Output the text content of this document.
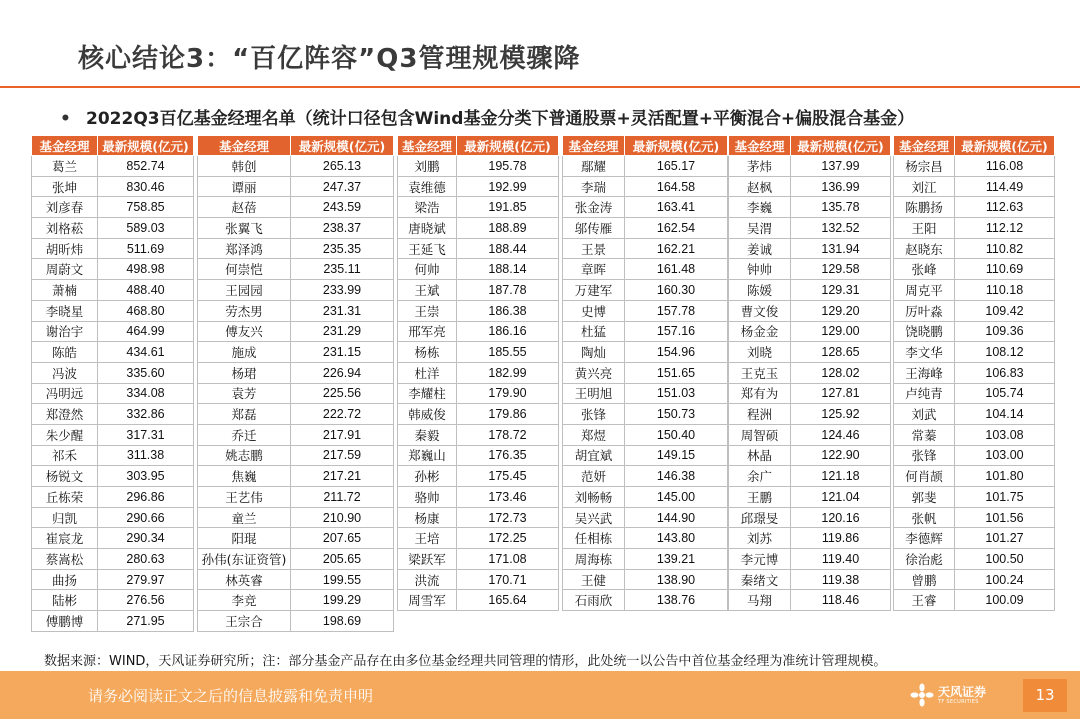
核心结论3：“百亿阵容”Q3管理规模骤降
• 2022Q3百亿基金经理名单（统计口径包含Wind基金分类下普通股票+灵活配置+平衡混合+偏股混合基金）
基金经理	最新规模(亿元)
葛兰	852.74
张坤	830.46
刘彦春	758.85
刘格菘	589.03
胡昕炜	511.69
周蔚文	498.98
萧楠	488.40
李晓星	468.80
谢治宇	464.99
陈皓	434.61
冯波	335.60
冯明远	334.08
郑澄然	332.86
朱少醒	317.31
祁禾	311.38
杨锐文	303.95
丘栋荣	296.86
归凯	290.66
崔宸龙	290.34
蔡嵩松	280.63
曲扬	279.97
陆彬	276.56
傅鹏博	271.95
基金经理	最新规模(亿元)
韩创	265.13
谭丽	247.37
赵蓓	243.59
张翼飞	238.37
郑泽鸿	235.35
何崇恺	235.11
王园园	233.99
劳杰男	231.31
傅友兴	231.29
施成	231.15
杨珺	226.94
袁芳	225.56
郑磊	222.72
乔迁	217.91
姚志鹏	217.59
焦巍	217.21
王艺伟	211.72
童兰	210.90
阳琨	207.65
孙伟(东证资管)	205.65
林英睿	199.55
李竞	199.29
王宗合	198.69
基金经理	最新规模(亿元)
刘鹏	195.78
袁维德	192.99
梁浩	191.85
唐晓斌	188.89
王延飞	188.44
何帅	188.14
王斌	187.78
王崇	186.38
邢军亮	186.16
杨栋	185.55
杜洋	182.99
李耀柱	179.90
韩威俊	179.86
秦毅	178.72
郑巍山	176.35
孙彬	175.45
骆帅	173.46
杨康	172.73
王培	172.25
梁跃军	171.08
洪流	170.71
周雪军	165.64
基金经理	最新规模(亿元)
鄢耀	165.17
李瑞	164.58
张金涛	163.41
邬传雁	162.54
王景	162.21
章晖	161.48
万建军	160.30
史博	157.78
杜猛	157.16
陶灿	154.96
黄兴亮	151.65
王明旭	151.03
张锋	150.73
郑煜	150.40
胡宜斌	149.15
范妍	146.38
刘畅畅	145.00
吴兴武	144.90
任相栋	143.80
周海栋	139.21
王健	138.90
石雨欣	138.76
基金经理	最新规模(亿元)
茅炜	137.99
赵枫	136.99
李巍	135.78
吴渭	132.52
姜诚	131.94
钟帅	129.58
陈媛	129.31
曹文俊	129.20
杨金金	129.00
刘晓	128.65
王克玉	128.02
郑有为	127.81
程洲	125.92
周智硕	124.46
林晶	122.90
余广	121.18
王鹏	121.04
邱璟旻	120.16
刘苏	119.86
李元博	119.40
秦绪文	119.38
马翔	118.46
基金经理	最新规模(亿元)
杨宗昌	116.08
刘江	114.49
陈鹏扬	112.63
王阳	112.12
赵晓东	110.82
张峰	110.69
周克平	110.18
厉叶淼	109.42
饶晓鹏	109.36
李文华	108.12
王海峰	106.83
卢纯青	105.74
刘武	104.14
常蓁	103.08
张锋	103.00
何肖颉	101.80
郭斐	101.75
张帆	101.56
李德辉	101.27
徐治彪	100.50
曾鹏	100.24
王睿	100.09
数据来源：WIND，天风证券研究所；注：部分基金产品存在由多位基金经理共同管理的情形，此处统一以公告中首位基金经理为准统计管理规模。
请务必阅读正文之后的信息披露和免责申明	天风证券
TF SECURITIES	13
